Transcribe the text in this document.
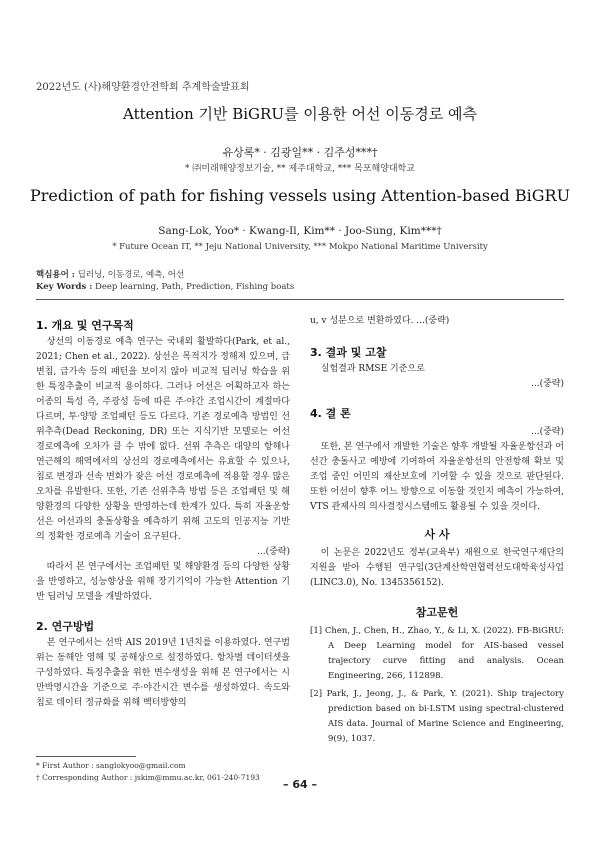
2022년도 (사)해양환경안전학회 추계학술발표회
Attention 기반 BiGRU를 이용한 어선 이동경로 예측
유상록* · 김광일** · 김주성***†
* ㈜미래해양정보기술, ** 제주대학교, *** 목포해양대학교
Prediction of path for fishing vessels using Attention-based BiGRU
Sang-Lok, Yoo* · Kwang-Il, Kim** · Joo-Sung, Kim***†
* Future Ocean IT, ** Jeju National University, *** Mokpo National Maritime University
핵심용어 : 딥러닝, 이동경로, 예측, 어선
Key Words : Deep learning, Path, Prediction, Fishing boats
1. 개요 및 연구목적

상선의 이동경로 예측 연구는 국내외 활발하다(Park, et al., 2021; Chen et al., 2022). 상선은 목적지가 정해져 있으며, 급변침, 급가속 등의 패턴을 보이지 않아 비교적 딥러닝 학습을 위한 특징추출이 비교적 용이하다. 그러나 어선은 어획하고자 하는 어종의 특성 즉, 주광성 등에 따른 주·야간 조업시간이 계절마다 다르며, 투·양망 조업패턴 등도 다르다. 기존 경로예측 방법인 선위추측(Dead Reckoning, DR) 또는 지식기반 모델로는 어선 경로예측에 오차가 클 수 밖에 없다. 선위 추측은 대양의 항해나 연근해의 해역에서의 상선의 경로예측에서는 유효할 수 있으나, 침로 변경과 선속 변화가 잦은 어선 경로예측에 적용할 경우 많은 오차를 유발한다. 또한, 기존 선위추측 방법 등은 조업패턴 및 해양환경의 다양한 상황을 반영하는데 한계가 있다. 특히 자율운항선은 어선과의 충돌상황을 예측하기 위해 고도의 인공지능 기반의 정확한 경로예측 기술이 요구된다.

...(중략)

따라서 본 연구에서는 조업패턴 및 해양환경 등의 다양한 상황을 반영하고, 성능향상을 위해 장기기억이 가능한 Attention 기반 딥러닝 모델을 개발하였다.

2. 연구방법

본 연구에서는 선박 AIS 2019년 1년치를 이용하였다. 연구범위는 동해안 영해 및 공해상으로 설정하였다. 항차별 데이터셋을 구성하였다. 특징추출을 위한 변수생성을 위해 본 연구에서는 시만박명시간을 기준으로 주·야간시간 변수를 생성하였다. 속도와 침로 데이터 정규화를 위해 벡터방향의

u, v 성분으로 변환하였다. ...(중략)
3. 결과 및 고찰

실험결과 RMSE 기준으로

...(중략)
4. 결 론
...(중략)

또한, 본 연구에서 개발한 기술은 향후 개발될 자율운항선과 어선간 충돌사고 예방에 기여하여 자율운항선의 안전항해 확보 및 조업 중인 어민의 재산보호에 기여할 수 있을 것으로 판단된다. 또한 어선이 향후 어느 방향으로 이동할 것인지 예측이 가능하여, VTS 관제사의 의사결정시스템에도 활용될 수 있을 것이다.

사 사

이 논문은 2022년도 정부(교육부) 재원으로 한국연구재단의 지원을 받아 수행된 연구임(3단계산학연협력선도대학육성사업(LINC3.0), No. 1345356152).

참고문헌
[1] Chen, J., Chen, H., Zhao, Y., & Li, X. (2022). FB-BiGRU: A Deep Learning model for AIS-based vessel trajectory curve fitting and analysis. Ocean Engineering, 266, 112898.
[2] Park, J., Jeong, J., & Park, Y. (2021). Ship trajectory prediction based on bi-LSTM using spectral-clustered AIS data. Journal of Marine Science and Engineering, 9(9), 1037.
* First Author : sanglokyoo@gmail.com
† Corresponding Author : jskim@mmu.ac.kr, 061-240-7193
– 64 –
